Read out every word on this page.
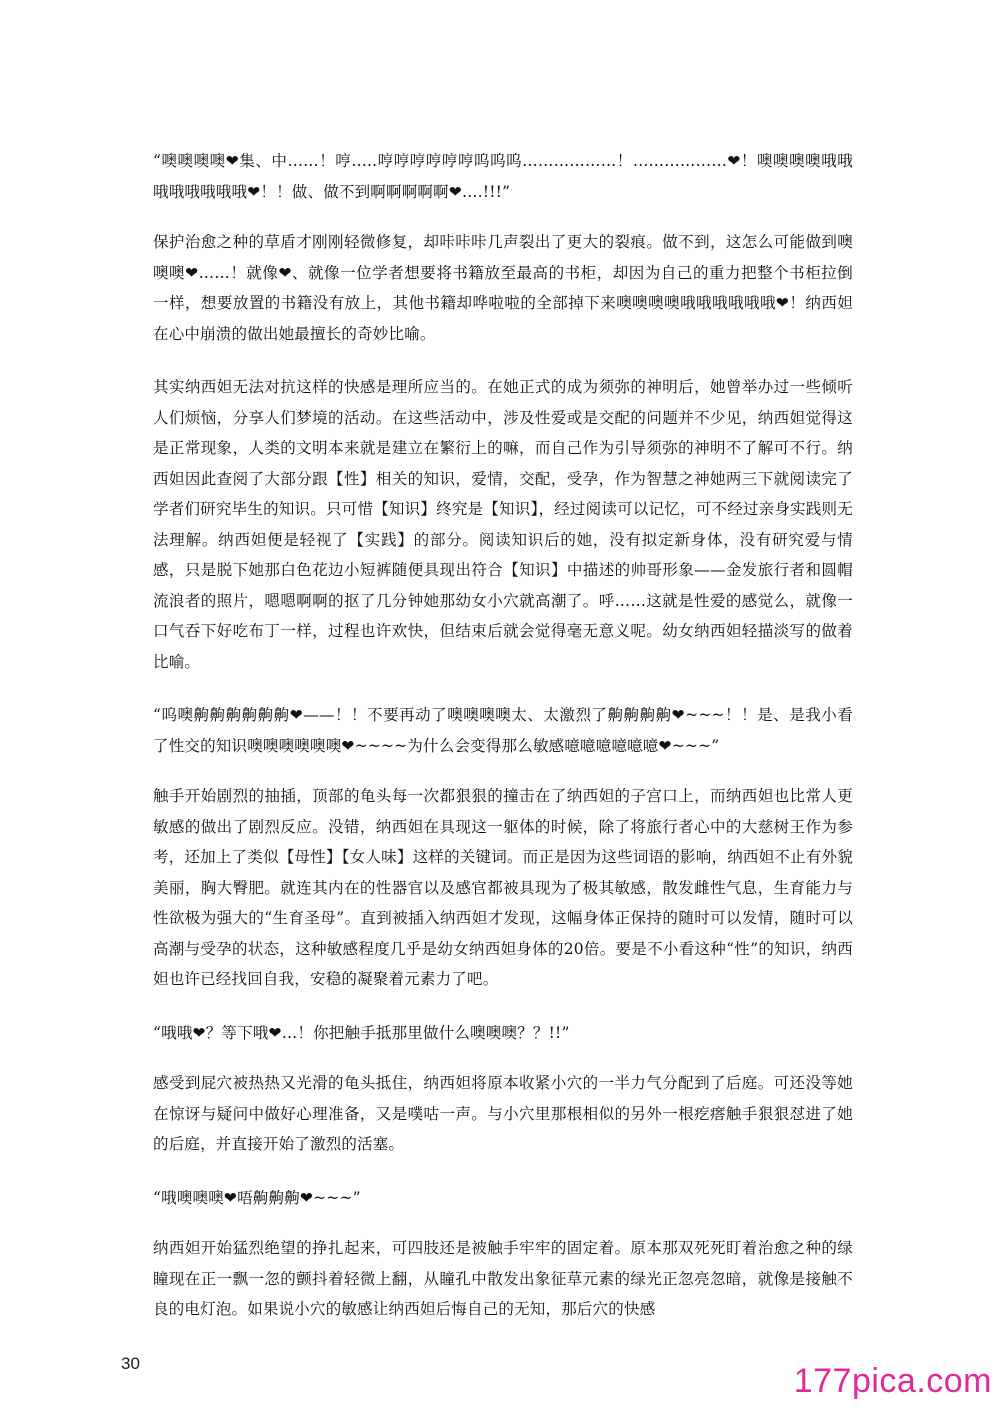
“噢噢噢噢❤集、中……！哼…..哼哼哼哼哼哼呜呜呜………………！………………❤！噢噢噢噢哦哦哦哦哦哦哦哦❤！！做、做不到啊啊啊啊啊❤….!!!”

保护治愈之种的草盾才刚刚轻微修复，却咔咔咔几声裂出了更大的裂痕。做不到，这怎么可能做到噢噢噢❤……！就像❤、就像一位学者想要将书籍放至最高的书柜，却因为自己的重力把整个书柜拉倒一样，想要放置的书籍没有放上，其他书籍却哗啦啦的全部掉下来噢噢噢噢哦哦哦哦哦哦❤！纳西妲在心中崩溃的做出她最擅长的奇妙比喻。

其实纳西妲无法对抗这样的快感是理所应当的。在她正式的成为须弥的神明后，她曾举办过一些倾听人们烦恼，分享人们梦境的活动。在这些活动中，涉及性爱或是交配的问题并不少见，纳西妲觉得这是正常现象，人类的文明本来就是建立在繁衍上的嘛，而自己作为引导须弥的神明不了解可不行。纳西妲因此查阅了大部分跟【性】相关的知识，爱情，交配，受孕，作为智慧之神她两三下就阅读完了学者们研究毕生的知识。只可惜【知识】终究是【知识】，经过阅读可以记忆，可不经过亲身实践则无法理解。纳西妲便是轻视了【实践】的部分。阅读知识后的她，没有拟定新身体，没有研究爱与情感，只是脱下她那白色花边小短裤随便具现出符合【知识】中描述的帅哥形象——金发旅行者和圆帽流浪者的照片，嗯嗯啊啊的抠了几分钟她那幼女小穴就高潮了。呼……这就是性爱的感觉么，就像一口气吞下好吃布丁一样，过程也许欢快，但结束后就会觉得毫无意义呢。幼女纳西妲轻描淡写的做着比喻。

“呜噢齁齁齁齁齁齁❤——！！不要再动了噢噢噢噢太、太激烈了齁齁齁齁❤~~~！！是、是我小看了性交的知识噢噢噢噢噢噢❤~~~~为什么会变得那么敏感噫噫噫噫噫噫❤~~~”

触手开始剧烈的抽插，顶部的龟头每一次都狠狠的撞击在了纳西妲的子宫口上，而纳西妲也比常人更敏感的做出了剧烈反应。没错，纳西妲在具现这一躯体的时候，除了将旅行者心中的大慈树王作为参考，还加上了类似【母性】【女人味】这样的关键词。而正是因为这些词语的影响，纳西妲不止有外貌美丽，胸大臀肥。就连其内在的性器官以及感官都被具现为了极其敏感，散发雌性气息，生育能力与性欲极为强大的“生育圣母”。直到被插入纳西妲才发现，这幅身体正保持的随时可以发情，随时可以高潮与受孕的状态，这种敏感程度几乎是幼女纳西妲身体的20倍。要是不小看这种“性”的知识，纳西妲也许已经找回自我，安稳的凝聚着元素力了吧。

“哦哦❤？等下哦❤…！你把触手抵那里做什么噢噢噢？？!!”

感受到屁穴被热热又光滑的龟头抵住，纳西妲将原本收紧小穴的一半力气分配到了后庭。可还没等她在惊讶与疑问中做好心理准备，又是噗咕一声。与小穴里那根相似的另外一根疙瘩触手狠狠怼进了她的后庭，并直接开始了激烈的活塞。

“哦噢噢噢❤唔齁齁齁❤~~~”

纳西妲开始猛烈绝望的挣扎起来，可四肢还是被触手牢牢的固定着。原本那双死死盯着治愈之种的绿瞳现在正一飘一忽的颤抖着轻微上翻，从瞳孔中散发出象征草元素的绿光正忽亮忽暗，就像是接触不良的电灯泡。如果说小穴的敏感让纳西妲后悔自己的无知，那后穴的快感

30	177pica.com
